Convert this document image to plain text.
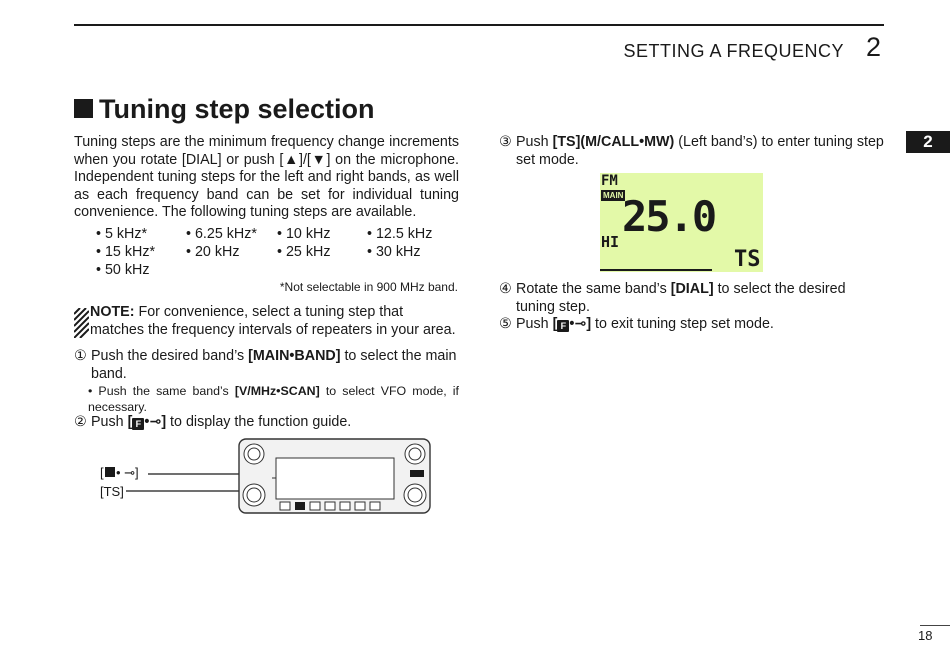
SETTING A FREQUENCY 2
2
Tuning step selection
Tuning steps are the minimum frequency change increments when you rotate [DIAL] or push [▲]/[▼] on the microphone. Independent tuning steps for the left and right bands, as well as each frequency band can be set for individual tuning convenience. The following tuning steps are available.
• 5 kHz*	• 6.25 kHz* • 10 kHz	• 12.5 kHz
• 15 kHz* • 20 kHz	• 25 kHz	• 30 kHz
• 50 kHz
*Not selectable in 900 MHz band.
NOTE: For convenience, select a tuning step that matches the frequency intervals of repeaters in your area.
① Push the desired band’s [MAIN•BAND] to select the main band.
• Push the same band’s [V/MHz•SCAN] to select VFO mode, if necessary.
② Push [ F •⊸] to display the function guide.
[ • ⊸]
[TS]
③ Push [TS](M/CALL•MW) (Left band’s) to enter tuning step set mode.
FM
MAIN
25.0
HI
TS
④ Rotate the same band’s [DIAL] to select the desired tuning step.
⑤ Push [ F •⊸] to exit tuning step set mode.
18
